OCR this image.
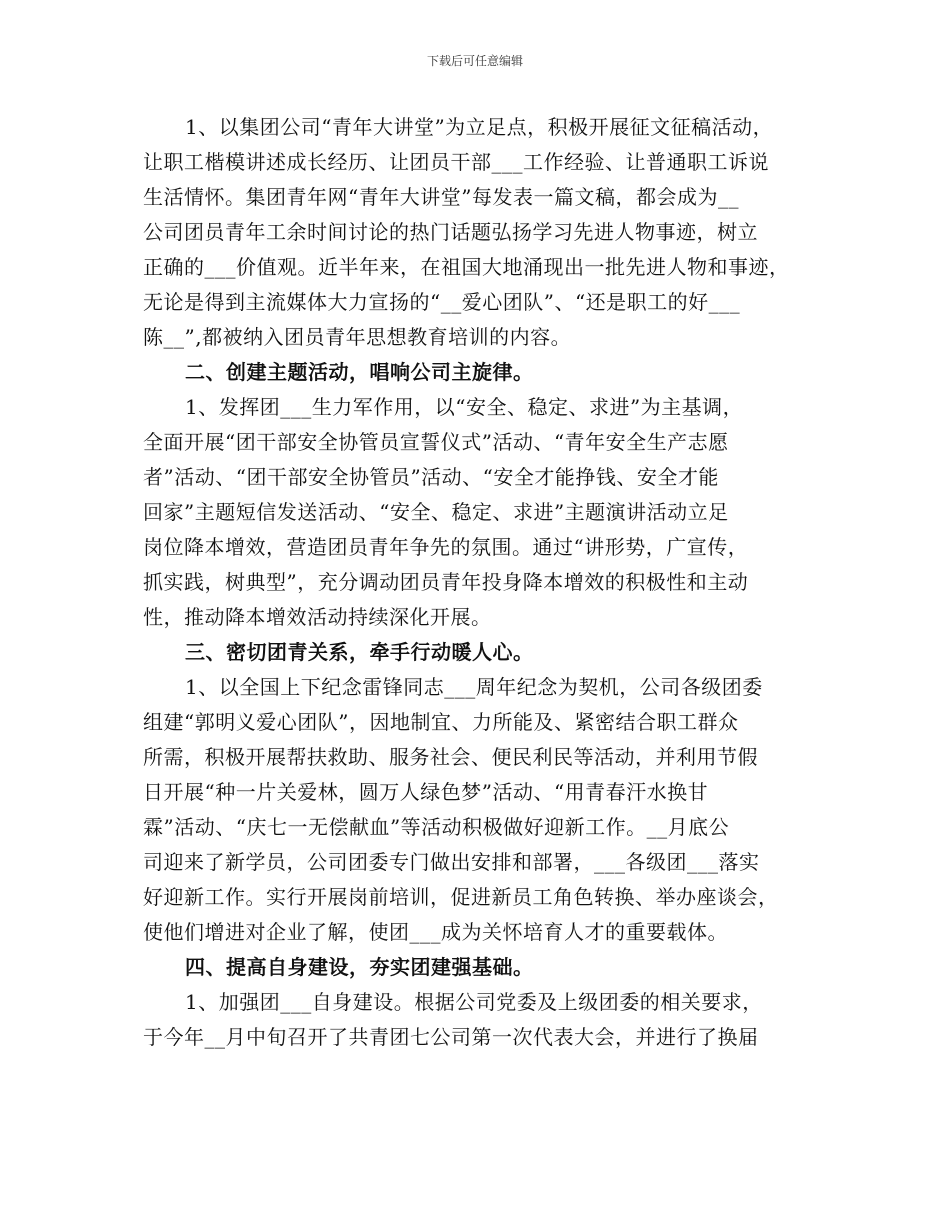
下载后可任意编辑
1、以集团公司“青年大讲堂”为立足点，积极开展征文征稿活动，
让职工楷模讲述成长经历、让团员干部___工作经验、让普通职工诉说
生活情怀。集团青年网“青年大讲堂”每发表一篇文稿，都会成为__
公司团员青年工余时间讨论的热门话题弘扬学习先进人物事迹，树立
正确的___价值观。近半年来，在祖国大地涌现出一批先进人物和事迹，
无论是得到主流媒体大力宣扬的“__爱心团队”、“还是职工的好___
陈__”,都被纳入团员青年思想教育培训的内容。
二、创建主题活动，唱响公司主旋律。
1、发挥团___生力军作用，以“安全、稳定、求进”为主基调，
全面开展“团干部安全协管员宣誓仪式”活动、“青年安全生产志愿
者”活动、“团干部安全协管员”活动、“安全才能挣钱、安全才能
回家”主题短信发送活动、“安全、稳定、求进”主题演讲活动立足
岗位降本增效，营造团员青年争先的氛围。通过“讲形势，广宣传，
抓实践，树典型”，充分调动团员青年投身降本增效的积极性和主动
性，推动降本增效活动持续深化开展。
三、密切团青关系，牵手行动暖人心。
1、以全国上下纪念雷锋同志___周年纪念为契机，公司各级团委
组建“郭明义爱心团队”，因地制宜、力所能及、紧密结合职工群众
所需，积极开展帮扶救助、服务社会、便民利民等活动，并利用节假
日开展“种一片关爱林，圆万人绿色梦”活动、“用青春汗水换甘
霖”活动、“庆七一无偿献血”等活动积极做好迎新工作。__月底公
司迎来了新学员，公司团委专门做出安排和部署，___各级团___落实
好迎新工作。实行开展岗前培训，促进新员工角色转换、举办座谈会，
使他们增进对企业了解，使团___成为关怀培育人才的重要载体。
四、提高自身建设，夯实团建强基础。
1、加强团___自身建设。根据公司党委及上级团委的相关要求，
于今年__月中旬召开了共青团七公司第一次代表大会，并进行了换届
